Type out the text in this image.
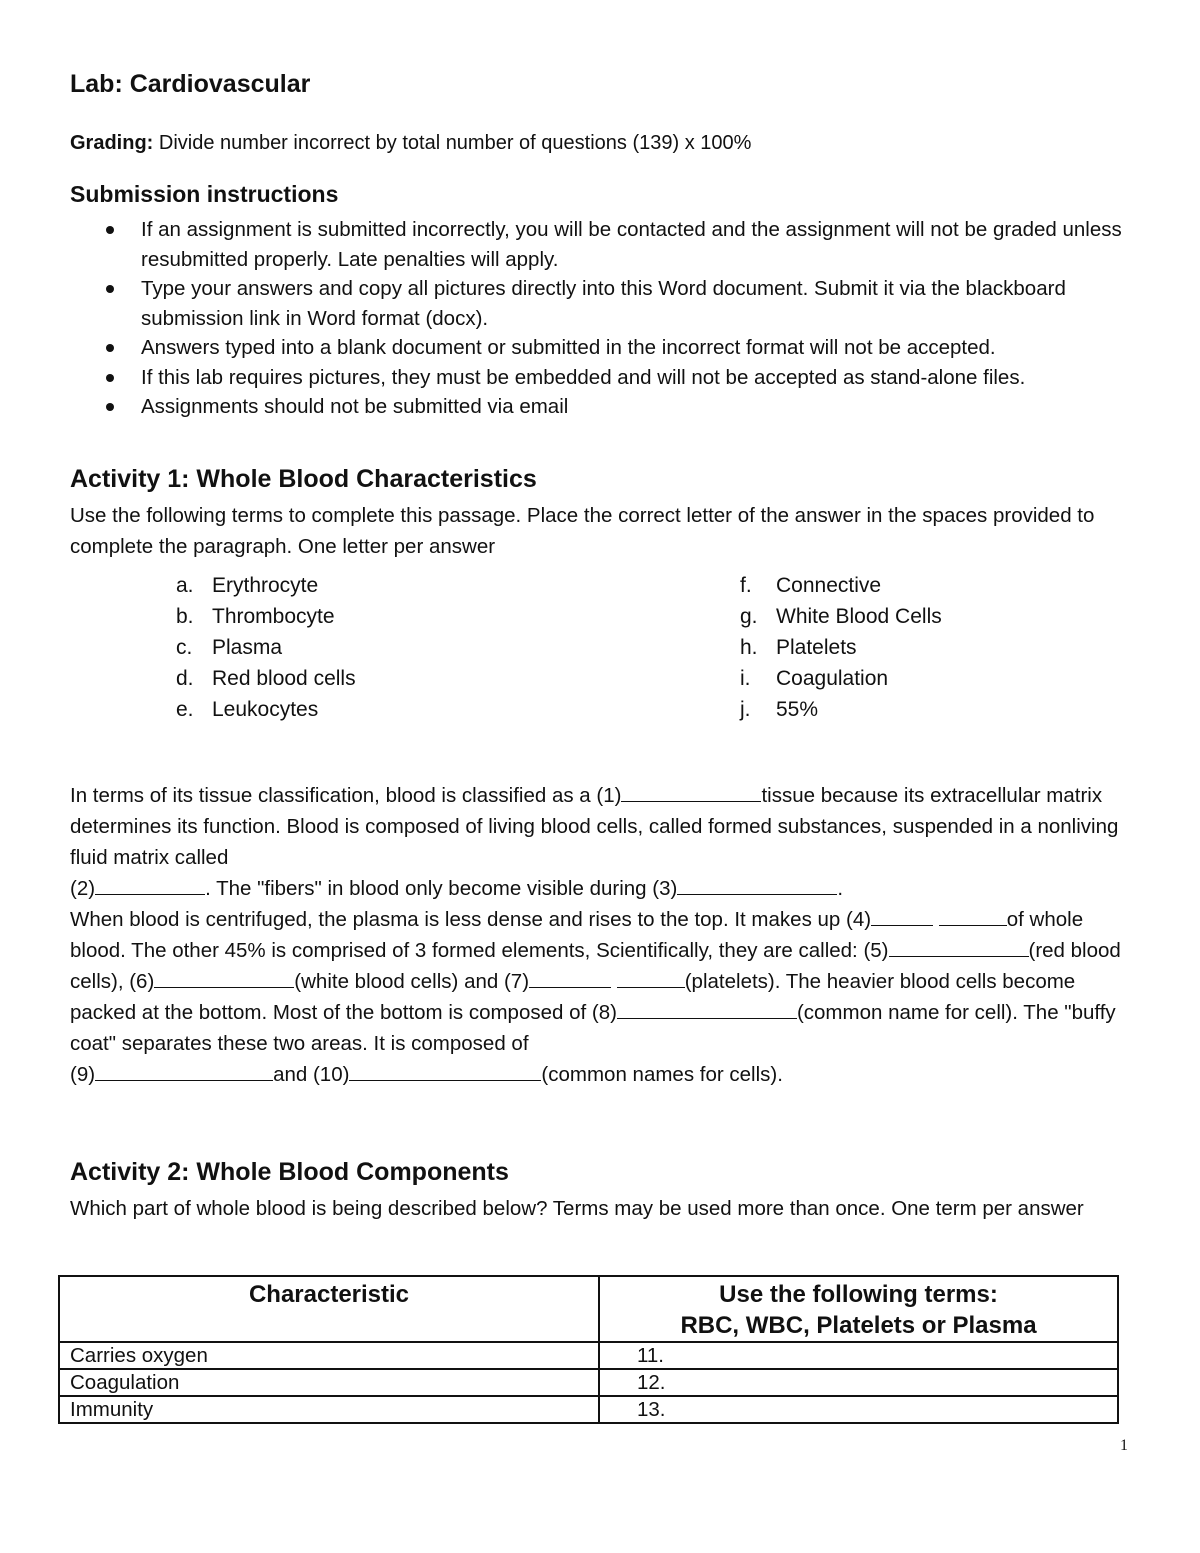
Lab: Cardiovascular
Grading: Divide number incorrect by total number of questions (139) x 100%
Submission instructions
If an assignment is submitted incorrectly, you will be contacted and the assignment will not be graded unless resubmitted properly. Late penalties will apply.
Type your answers and copy all pictures directly into this Word document. Submit it via the blackboard submission link in Word format (docx).
Answers typed into a blank document or submitted in the incorrect format will not be accepted.
If this lab requires pictures, they must be embedded and will not be accepted as stand-alone files.
Assignments should not be submitted via email
Activity 1: Whole Blood Characteristics
Use the following terms to complete this passage. Place the correct letter of the answer in the spaces provided to complete the paragraph. One letter per answer
a. Erythrocyte
b. Thrombocyte
c. Plasma
d. Red blood cells
e. Leukocytes
f. Connective
g. White Blood Cells
h. Platelets
i. Coagulation
j. 55%
In terms of its tissue classification, blood is classified as a (1)	tissue because its extracellular matrix determines its function. Blood is composed of living blood cells, called formed substances, suspended in a nonliving fluid matrix called
(2)	. The "fibers" in blood only become visible during (3)	.
When blood is centrifuged, the plasma is less dense and rises to the top. It makes up (4)	of whole blood. The other 45% is comprised of 3 formed elements, Scientifically, they are called: (5)	(red blood cells), (6)	(white blood cells) and (7)	(platelets). The heavier blood cells become packed at the bottom. Most of the bottom is composed of (8)	(common name for cell). The "buffy coat" separates these two areas. It is composed of
(9)	and (10)	(common names for cells).
Activity 2: Whole Blood Components
Which part of whole blood is being described below? Terms may be used more than once. One term per answer
Characteristic	Use the following terms:
RBC, WBC, Platelets or Plasma
Carries oxygen	11.
Coagulation	12.
Immunity	13.
1
